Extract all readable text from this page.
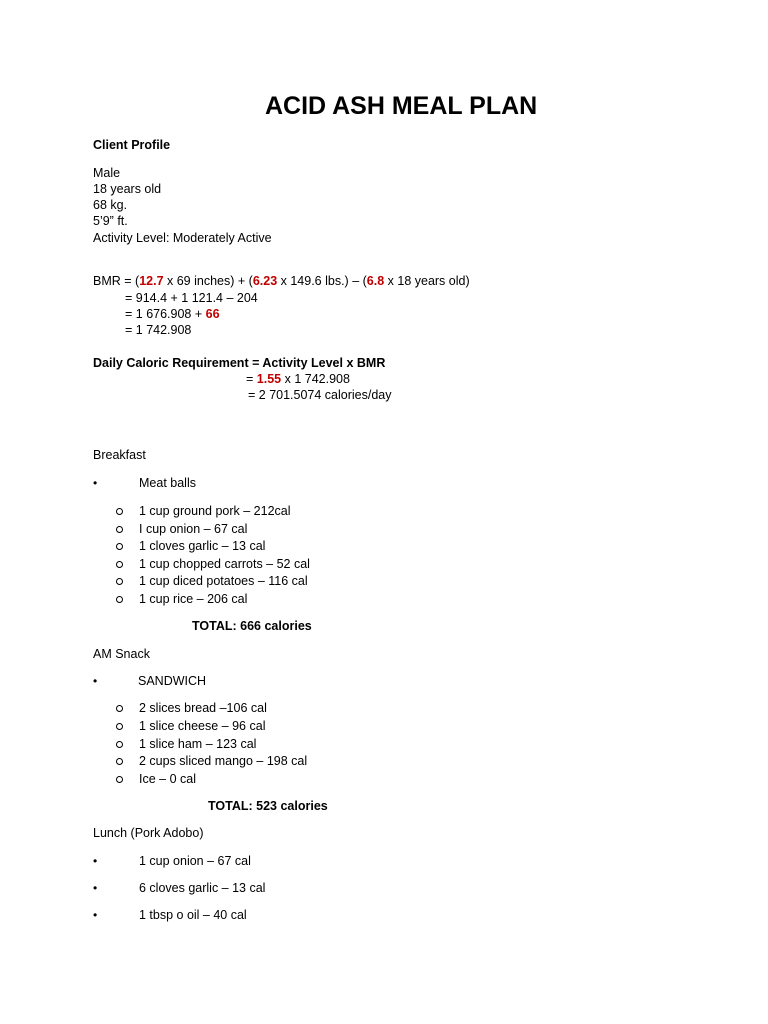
ACID ASH MEAL PLAN
Client Profile
Male
18 years old
68 kg.
5’9” ft.
Activity Level: Moderately Active
BMR = (12.7 x 69 inches) + (6.23 x 149.6 lbs.) – (6.8 x 18 years old)
= 914.4 + 1 121.4 – 204
= 1 676.908 + 66
= 1 742.908
Daily Caloric Requirement = Activity Level x BMR
= 1.55 x 1 742.908
= 2 701.5074 calories/day
Breakfast
•	Meat balls
1 cup ground pork – 212cal
I cup onion – 67 cal
1 cloves garlic – 13 cal
1 cup chopped carrots – 52 cal
1 cup diced potatoes – 116 cal
1 cup rice – 206 cal
TOTAL: 666 calories
AM Snack
•	SANDWICH
2 slices bread –106 cal
1 slice cheese – 96 cal
1 slice ham – 123 cal
2 cups sliced mango – 198 cal
Ice – 0 cal
TOTAL: 523 calories
Lunch (Pork Adobo)
•	1 cup onion – 67 cal
•	6 cloves garlic – 13 cal
•	1 tbsp o oil – 40 cal
